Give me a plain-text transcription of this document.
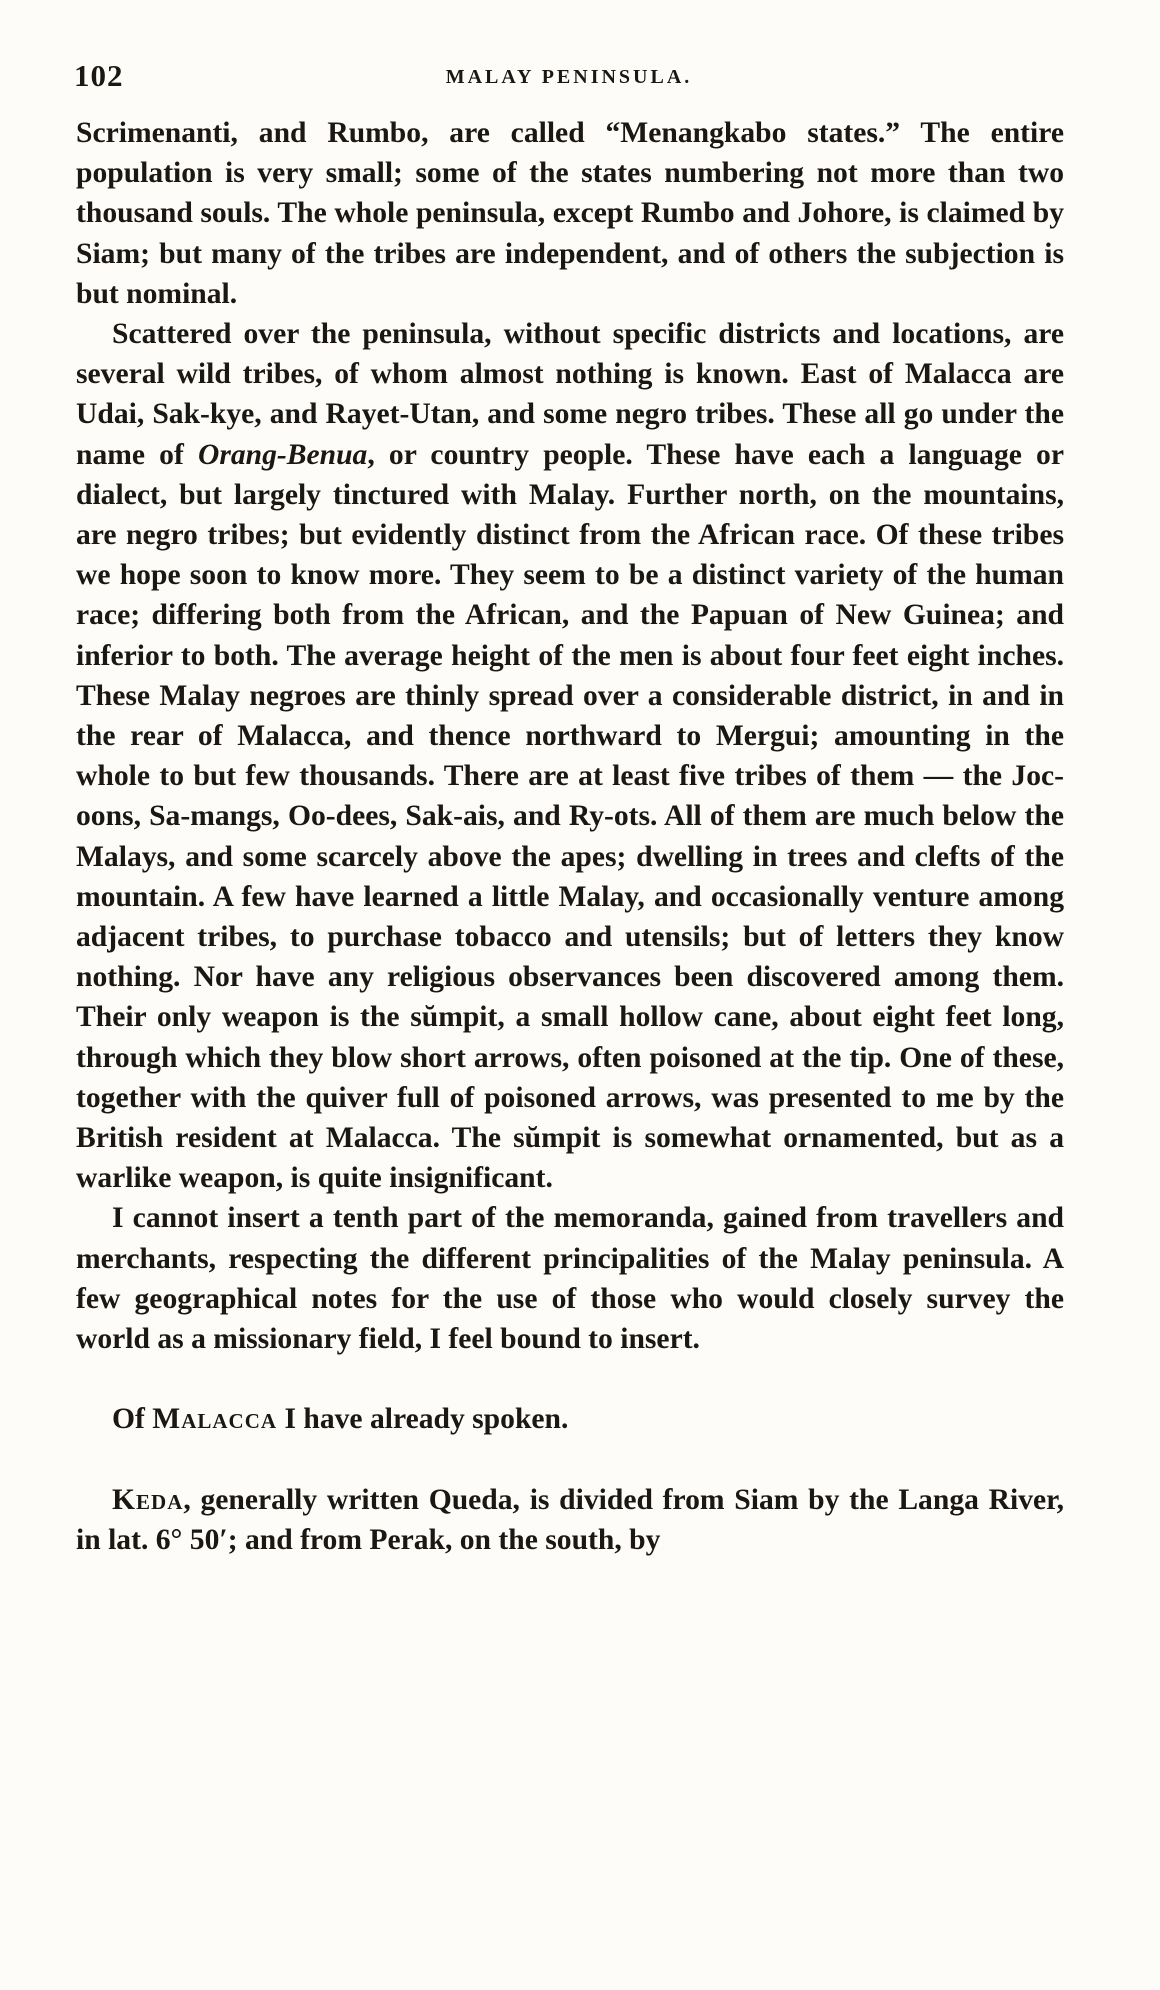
102	MALAY PENINSULA.

Scrimenanti, and Rumbo, are called “Menangkabo states.” The entire population is very small; some of the states numbering not more than two thousand souls. The whole peninsula, except Rumbo and Johore, is claimed by Siam; but many of the tribes are independent, and of others the subjection is but nominal.

Scattered over the peninsula, without specific districts and locations, are several wild tribes, of whom almost nothing is known. East of Malacca are Udai, Sak-kye, and Rayet-Utan, and some negro tribes. These all go under the name of Orang-Benua, or country people. These have each a language or dialect, but largely tinctured with Malay. Further north, on the mountains, are negro tribes; but evidently distinct from the African race. Of these tribes we hope soon to know more. They seem to be a distinct variety of the human race; differing both from the African, and the Papuan of New Guinea; and inferior to both. The average height of the men is about four feet eight inches. These Malay negroes are thinly spread over a considerable district, in and in the rear of Malacca, and thence northward to Mergui; amounting in the whole to but few thousands. There are at least five tribes of them — the Joc-oons, Sa-mangs, Oo-dees, Sak-ais, and Ry-ots. All of them are much below the Malays, and some scarcely above the apes; dwelling in trees and clefts of the mountain. A few have learned a little Malay, and occasionally venture among adjacent tribes, to purchase tobacco and utensils; but of letters they know nothing. Nor have any religious observances been discovered among them. Their only weapon is the sŭmpit, a small hollow cane, about eight feet long, through which they blow short arrows, often poisoned at the tip. One of these, together with the quiver full of poisoned arrows, was presented to me by the British resident at Malacca. The sŭmpit is somewhat ornamented, but as a warlike weapon, is quite insignificant.

I cannot insert a tenth part of the memoranda, gained from travellers and merchants, respecting the different principalities of the Malay peninsula. A few geographical notes for the use of those who would closely survey the world as a missionary field, I feel bound to insert.

Of Malacca I have already spoken.

Keda, generally written Queda, is divided from Siam by the Langa River, in lat. 6° 50′; and from Perak, on the south, by
